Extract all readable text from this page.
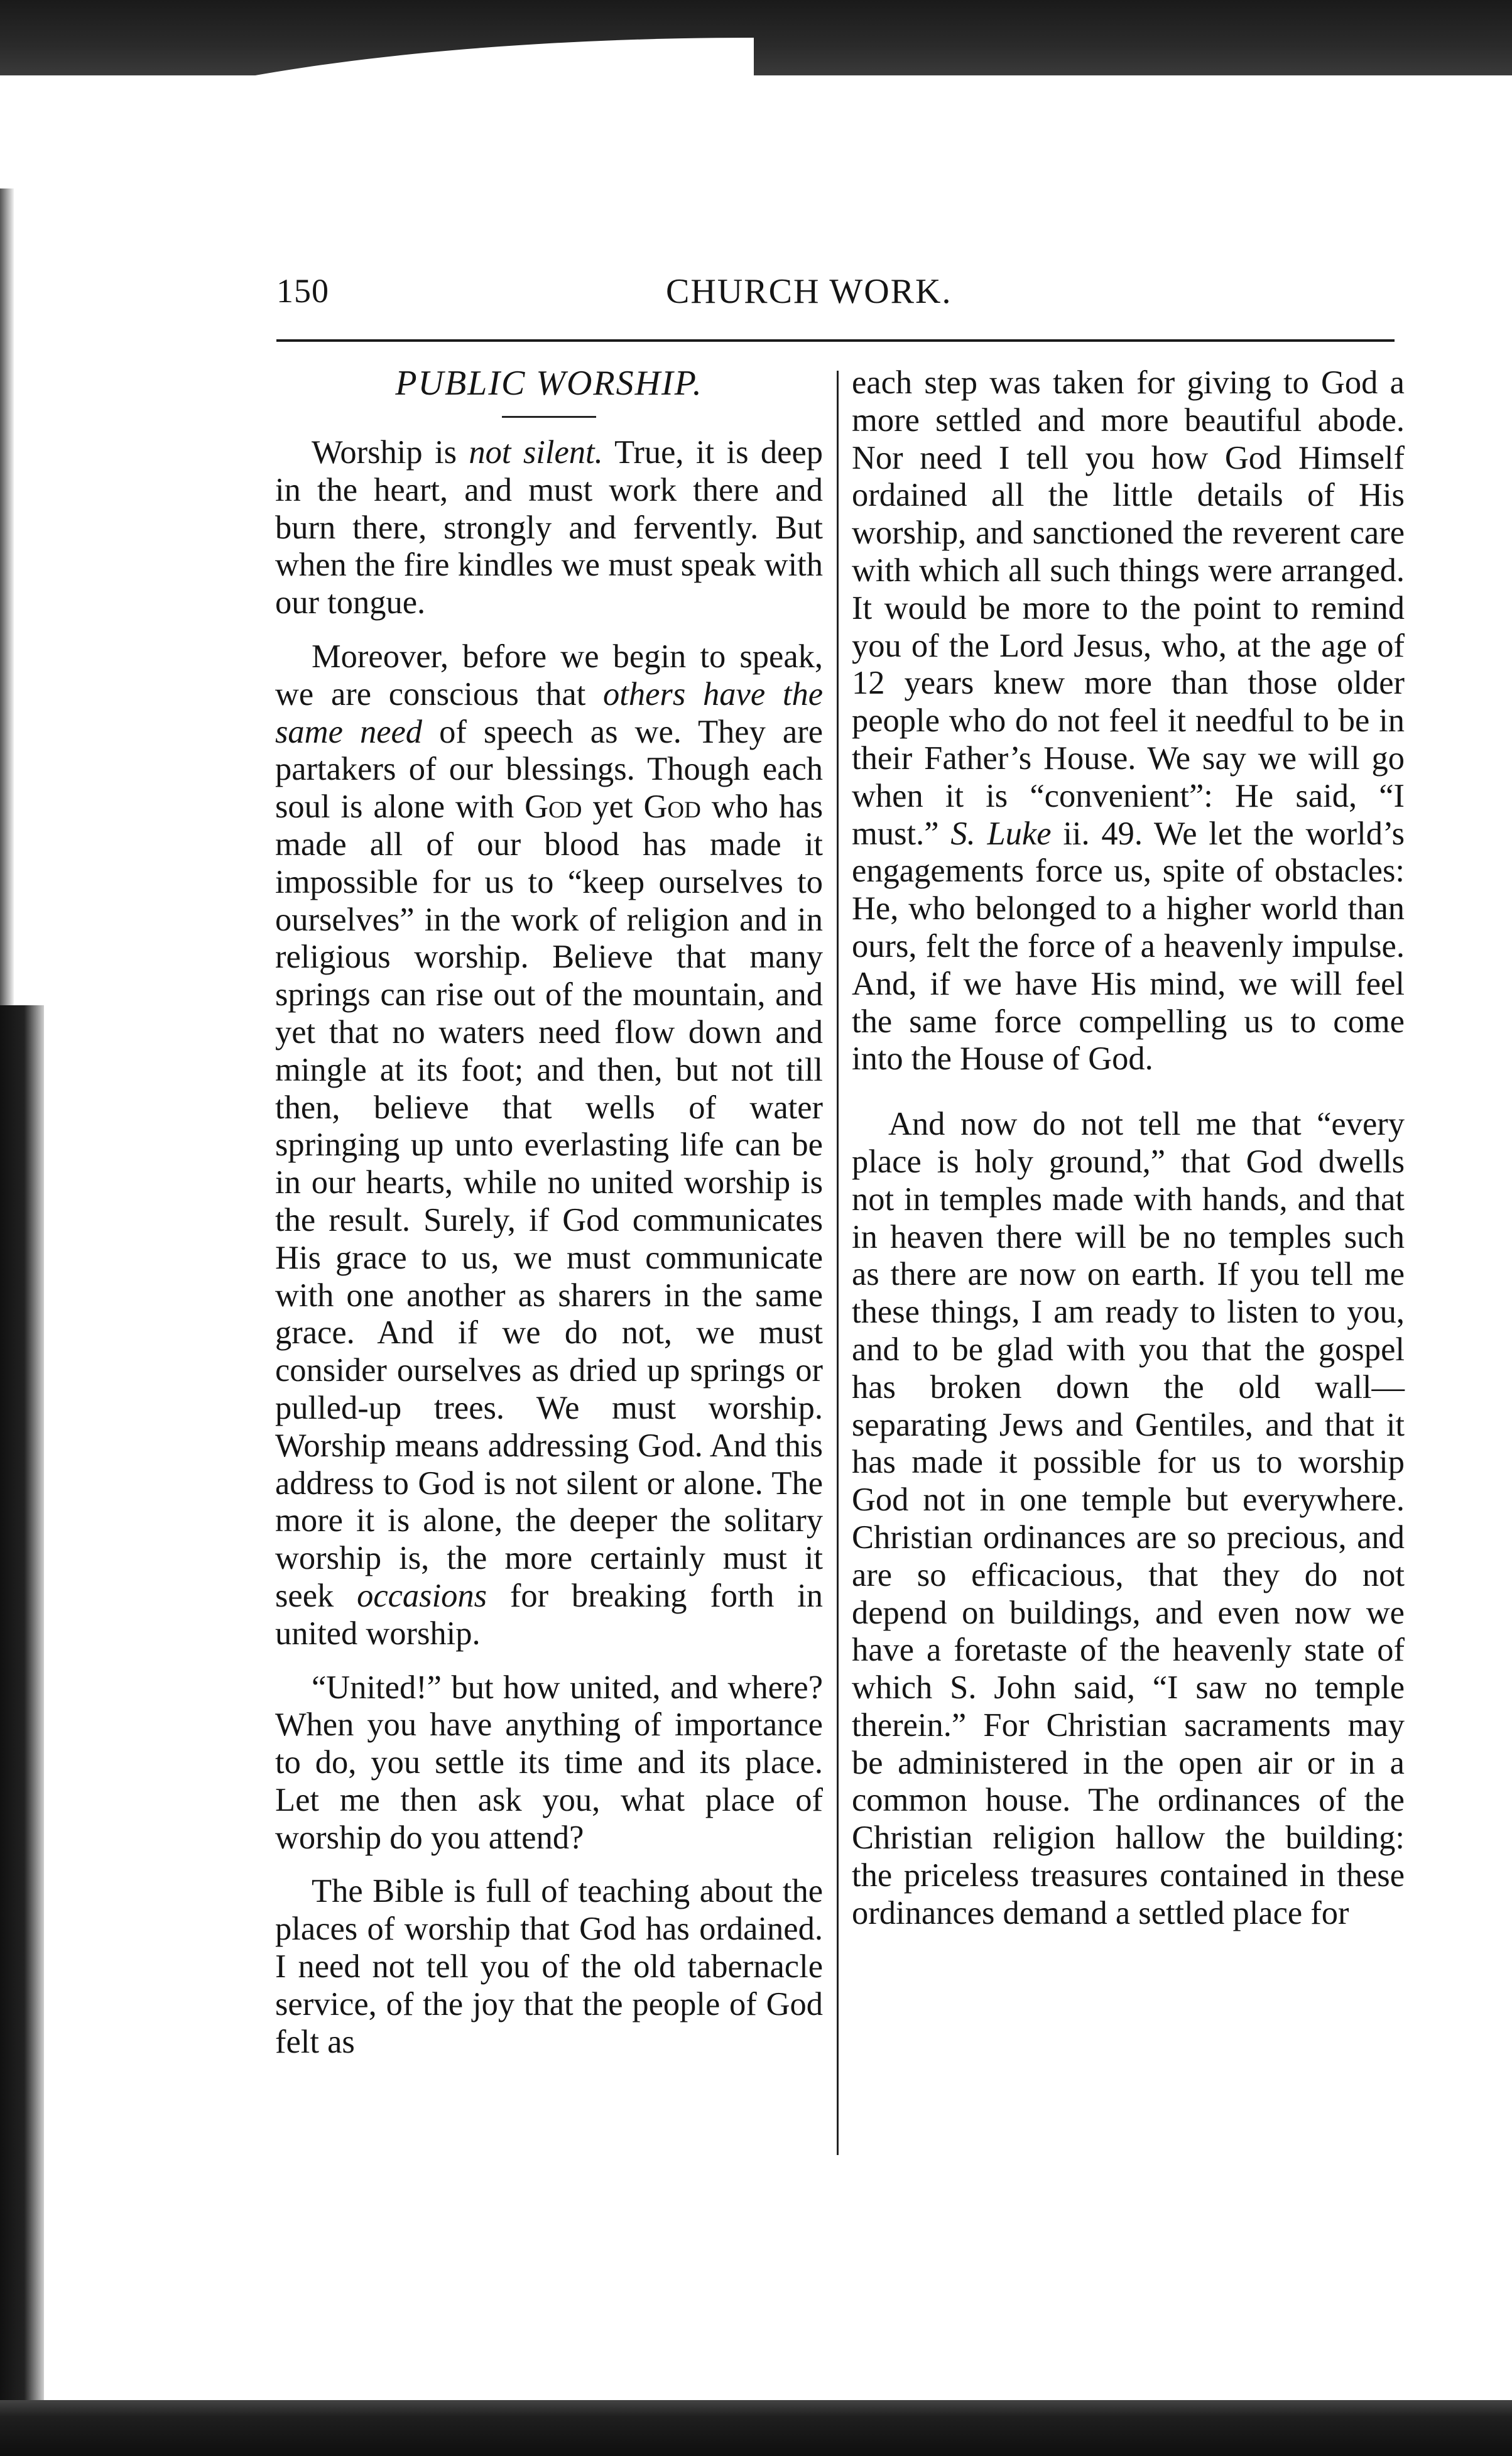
150	CHURCH WORK.
PUBLIC WORSHIP.

Worship is not silent. True, it is deep in the heart, and must work there and burn there, strongly and fervently. But when the fire kindles we must speak with our tongue.

Moreover, before we begin to speak, we are conscious that others have the same need of speech as we. They are partakers of our blessings. Though each soul is alone with God yet God who has made all of our blood has made it impossible for us to “keep ourselves to ourselves” in the work of religion and in religious worship. Believe that many springs can rise out of the mountain, and yet that no waters need flow down and mingle at its foot; and then, but not till then, believe that wells of water springing up unto everlasting life can be in our hearts, while no united worship is the result. Surely, if God communicates His grace to us, we must communicate with one another as sharers in the same grace. And if we do not, we must consider ourselves as dried up springs or pulled-up trees. We must worship. Worship means addressing God. And this address to God is not silent or alone. The more it is alone, the deeper the solitary worship is, the more certainly must it seek occasions for breaking forth in united worship.

“United!” but how united, and where? When you have anything of importance to do, you settle its time and its place. Let me then ask you, what place of worship do you attend?

The Bible is full of teaching about the places of worship that God has ordained. I need not tell you of the old tabernacle service, of the joy that the people of God felt as

each step was taken for giving to God a more settled and more beautiful abode. Nor need I tell you how God Himself ordained all the little details of His worship, and sanctioned the reverent care with which all such things were arranged. It would be more to the point to remind you of the Lord Jesus, who, at the age of 12 years knew more than those older people who do not feel it needful to be in their Father’s House. We say we will go when it is “convenient”: He said, “I must.” S. Luke ii. 49. We let the world’s engagements force us, spite of obstacles: He, who belonged to a higher world than ours, felt the force of a heavenly impulse. And, if we have His mind, we will feel the same force compelling us to come into the House of God.

And now do not tell me that “every place is holy ground,” that God dwells not in temples made with hands, and that in heaven there will be no temples such as there are now on earth. If you tell me these things, I am ready to listen to you, and to be glad with you that the gospel has broken down the old wall—separating Jews and Gentiles, and that it has made it possible for us to worship God not in one temple but everywhere. Christian ordinances are so precious, and are so efficacious, that they do not depend on buildings, and even now we have a foretaste of the heavenly state of which S. John said, “I saw no temple therein.” For Christian sacraments may be administered in the open air or in a common house. The ordinances of the Christian religion hallow the building: the priceless treasures contained in these ordinances demand a settled place for
